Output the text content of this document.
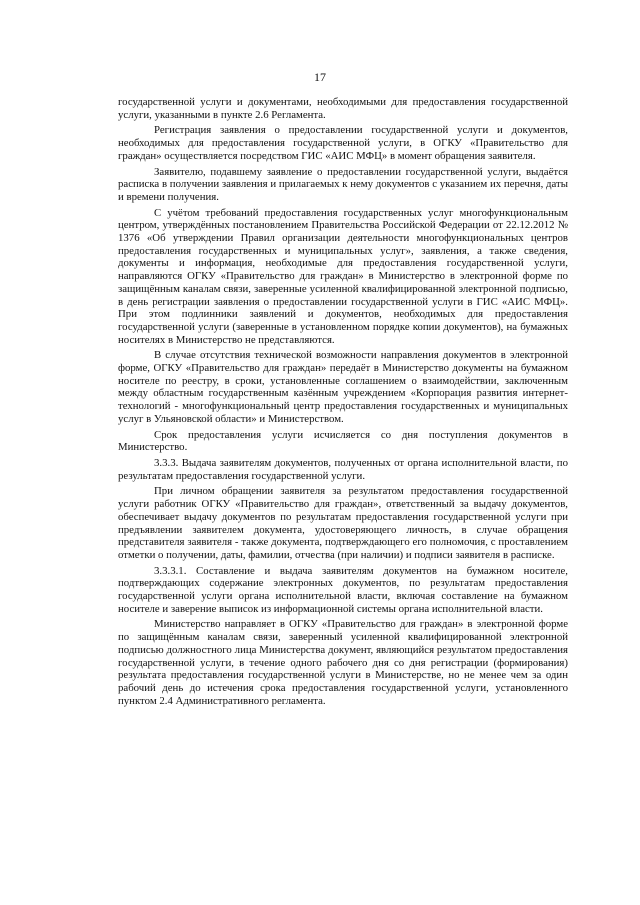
17

государственной услуги и документами, необходимыми для предоставления государственной услуги, указанными в пункте 2.6 Регламента.

Регистрация заявления о предоставлении государственной услуги и документов, необходимых для предоставления государственной услуги, в ОГКУ «Правительство для граждан» осуществляется посредством ГИС «АИС МФЦ» в момент обращения заявителя.

Заявителю, подавшему заявление о предоставлении государственной услуги, выдаётся расписка в получении заявления и прилагаемых к нему документов с указанием их перечня, даты и времени получения.

С учётом требований предоставления государственных услуг многофункциональным центром, утверждённых постановлением Правительства Российской Федерации от 22.12.2012 № 1376 «Об утверждении Правил организации деятельности многофункциональных центров предоставления государственных и муниципальных услуг», заявления, а также сведения, документы и информация, необходимые для предоставления государственной услуги, направляются ОГКУ «Правительство для граждан» в Министерство в электронной форме по защищённым каналам связи, заверенные усиленной квалифицированной электронной подписью, в день регистрации заявления о предоставлении государственной услуги в ГИС «АИС МФЦ». При этом подлинники заявлений и документов, необходимых для предоставления государственной услуги (заверенные в установленном порядке копии документов), на бумажных носителях в Министерство не представляются.

В случае отсутствия технической возможности направления документов в электронной форме, ОГКУ «Правительство для граждан» передаёт в Министерство документы на бумажном носителе по реестру, в сроки, установленные соглашением о взаимодействии, заключенным между областным государственным казённым учреждением «Корпорация развития интернет-технологий - многофункциональный центр предоставления государственных и муниципальных услуг в Ульяновской области» и Министерством.

Срок предоставления услуги исчисляется со дня поступления документов в Министерство.

3.3.3. Выдача заявителям документов, полученных от органа исполнительной власти, по результатам предоставления государственной услуги.

При личном обращении заявителя за результатом предоставления государственной услуги работник ОГКУ «Правительство для граждан», ответственный за выдачу документов, обеспечивает выдачу документов по результатам предоставления государственной услуги при предъявлении заявителем документа, удостоверяющего личность, в случае обращения представителя заявителя - также документа, подтверждающего его полномочия, с проставлением отметки о получении, даты, фамилии, отчества (при наличии) и подписи заявителя в расписке.

3.3.3.1. Составление и выдача заявителям документов на бумажном носителе, подтверждающих содержание электронных документов, по результатам предоставления государственной услуги органа исполнительной власти, включая составление на бумажном носителе и заверение выписок из информационной системы органа исполнительной власти.

Министерство направляет в ОГКУ «Правительство для граждан» в электронной форме по защищённым каналам связи, заверенный усиленной квалифицированной электронной подписью должностного лица Министерства документ, являющийся результатом предоставления государственной услуги, в течение одного рабочего дня со дня регистрации (формирования) результата предоставления государственной услуги в Министерстве, но не менее чем за один рабочий день до истечения срока предоставления государственной услуги, установленного пунктом 2.4 Административного регламента.
